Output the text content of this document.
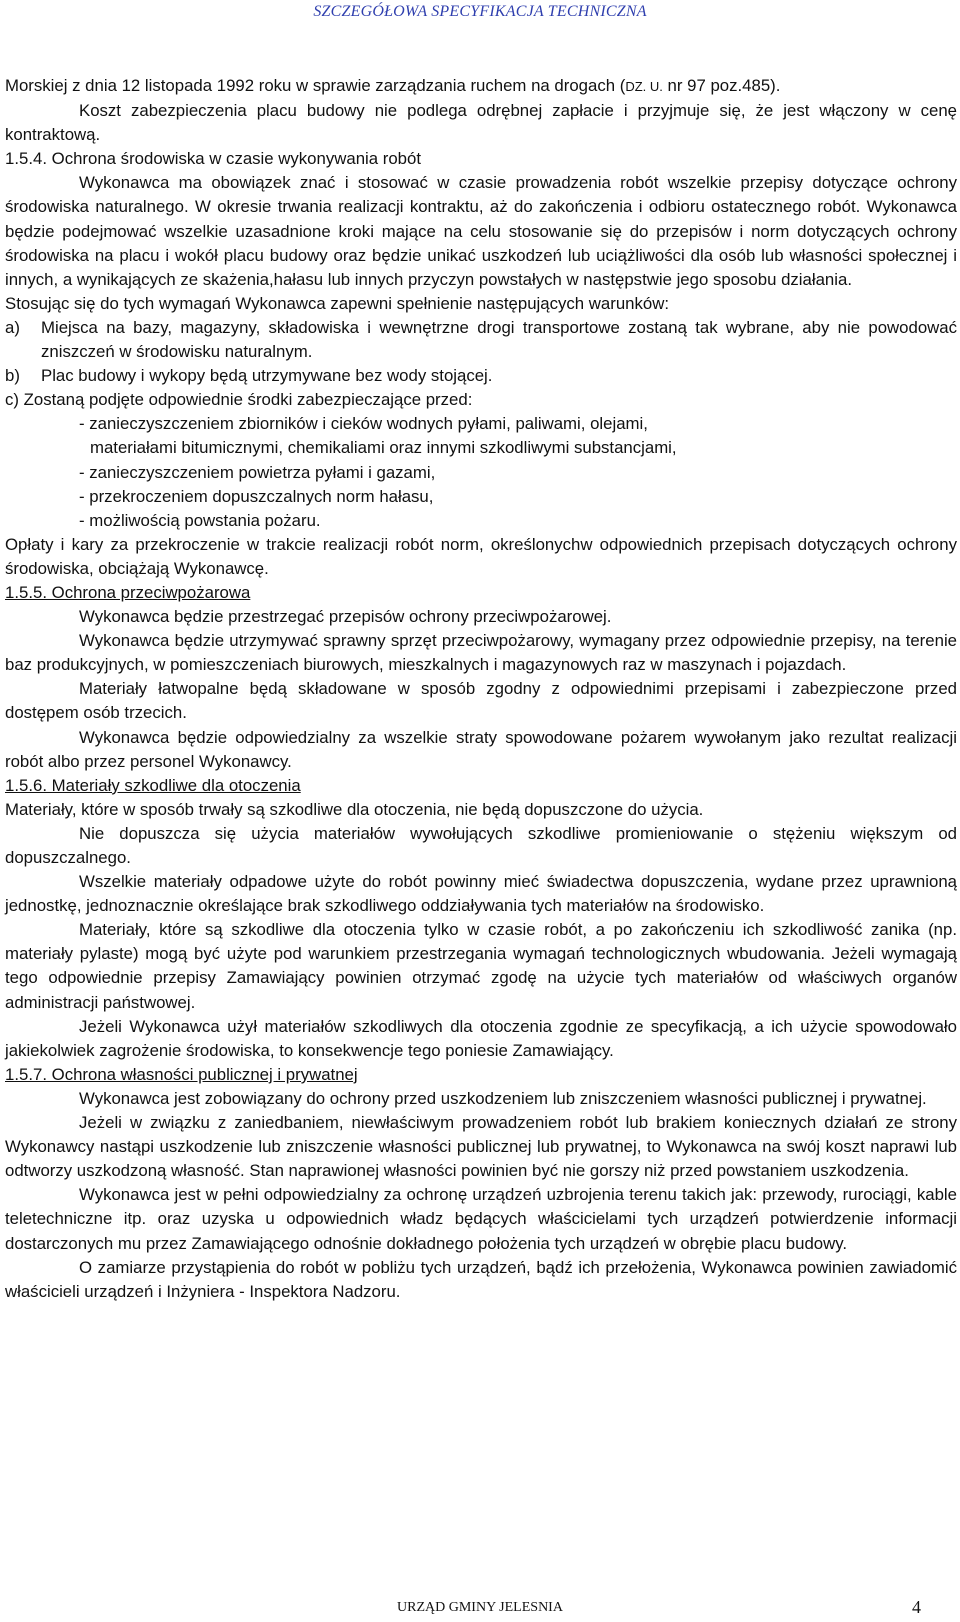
SZCZEGÓŁOWA SPECYFIKACJA TECHNICZNA

Morskiej z dnia 12 listopada 1992 roku w sprawie zarządzania ruchem na drogach (DZ. U. nr 97 poz.485).

Koszt zabezpieczenia placu budowy nie podlega odrębnej zapłacie i przyjmuje się, że jest włączony w cenę kontraktową.

1.5.4. Ochrona środowiska w czasie wykonywania robót

Wykonawca ma obowiązek znać i stosować w czasie prowadzenia robót wszelkie przepisy dotyczące ochrony środowiska naturalnego. W okresie trwania realizacji kontraktu, aż do zakończenia i odbioru ostatecznego robót. Wykonawca będzie podejmować wszelkie uzasadnione kroki mające na celu stosowanie się do przepisów i norm dotyczących ochrony środowiska na placu i wokół placu budowy oraz będzie unikać uszkodzeń lub uciążliwości dla osób lub własności społecznej i innych, a wynikających ze skażenia,hałasu lub innych przyczyn powstałych w następstwie jego sposobu działania.

Stosując się do tych wymagań Wykonawca zapewni spełnienie następujących warunków:

a) Miejsca na bazy, magazyny, składowiska i wewnętrzne drogi transportowe zostaną tak wybrane, aby nie powodować zniszczeń w środowisku naturalnym.

b) Plac budowy i wykopy będą utrzymywane bez wody stojącej.

c) Zostaną podjęte odpowiednie środki zabezpieczające przed:

- zanieczyszczeniem zbiorników i cieków wodnych pyłami, paliwami, olejami,

materiałami bitumicznymi, chemikaliami oraz innymi szkodliwymi substancjami,

- zanieczyszczeniem powietrza pyłami i gazami,

- przekroczeniem dopuszczalnych norm hałasu,

- możliwością powstania pożaru.

Opłaty i kary za przekroczenie w trakcie realizacji robót norm, określonychw odpowiednich przepisach dotyczących ochrony środowiska, obciążają Wykonawcę.

1.5.5. Ochrona przeciwpożarowa

Wykonawca będzie przestrzegać przepisów ochrony przeciwpożarowej.

Wykonawca będzie utrzymywać sprawny sprzęt przeciwpożarowy, wymagany przez odpowiednie przepisy, na terenie baz produkcyjnych, w pomieszczeniach biurowych, mieszkalnych i magazynowych raz w maszynach i pojazdach.

Materiały łatwopalne będą składowane w sposób zgodny z odpowiednimi przepisami i zabezpieczone przed dostępem osób trzecich.

Wykonawca będzie odpowiedzialny za wszelkie straty spowodowane pożarem wywołanym jako rezultat realizacji robót albo przez personel Wykonawcy.

1.5.6. Materiały szkodliwe dla otoczenia

Materiały, które w sposób trwały są szkodliwe dla otoczenia, nie będą dopuszczone do użycia.

Nie dopuszcza się użycia materiałów wywołujących szkodliwe promieniowanie o stężeniu większym od dopuszczalnego.

Wszelkie materiały odpadowe użyte do robót powinny mieć świadectwa dopuszczenia, wydane przez uprawnioną jednostkę, jednoznacznie określające brak szkodliwego oddziaływania tych materiałów na środowisko.

Materiały, które są szkodliwe dla otoczenia tylko w czasie robót, a po zakończeniu ich szkodliwość zanika (np. materiały pylaste) mogą być użyte pod warunkiem przestrzegania wymagań technologicznych wbudowania. Jeżeli wymagają tego odpowiednie przepisy Zamawiający powinien otrzymać zgodę na użycie tych materiałów od właściwych organów administracji państwowej.

Jeżeli Wykonawca użył materiałów szkodliwych dla otoczenia zgodnie ze specyfikacją, a ich użycie spowodowało jakiekolwiek zagrożenie środowiska, to konsekwencje tego poniesie Zamawiający.

1.5.7. Ochrona własności publicznej i prywatnej

Wykonawca jest zobowiązany do ochrony przed uszkodzeniem lub zniszczeniem własności publicznej i prywatnej.

Jeżeli w związku z zaniedbaniem, niewłaściwym prowadzeniem robót lub brakiem koniecznych działań ze strony Wykonawcy nastąpi uszkodzenie lub zniszczenie własności publicznej lub prywatnej, to Wykonawca na swój koszt naprawi lub odtworzy uszkodzoną własność. Stan naprawionej własności powinien być nie gorszy niż przed powstaniem uszkodzenia.

Wykonawca jest w pełni odpowiedzialny za ochronę urządzeń uzbrojenia terenu takich jak: przewody, rurociągi, kable teletechniczne itp. oraz uzyska u odpowiednich władz będących właścicielami tych urządzeń potwierdzenie informacji dostarczonych mu przez Zamawiającego odnośnie dokładnego położenia tych urządzeń w obrębie placu budowy.

O zamiarze przystąpienia do robót w pobliżu tych urządzeń, bądź ich przełożenia, Wykonawca powinien zawiadomić właścicieli urządzeń i Inżyniera - Inspektora Nadzoru.

URZĄD GMINY JELESNIA	4
